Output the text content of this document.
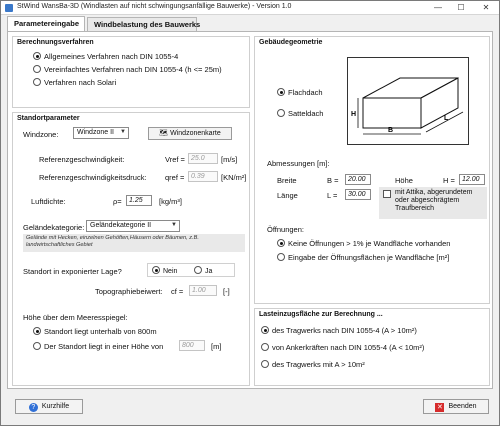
StWind WansBa-3D (Windlasten auf nicht schwingungsanfällige Bauwerke) - Version 1.0	—	☐	✕
Parametereingabe	Windbelastung des Bauwerks
Berechnungsverfahren
Allgemeines Verfahren nach DIN 1055-4
Vereinfachtes Verfahren nach DIN 1055-4 (h <= 25m)
Verfahren nach Solari
Standortparameter
Windzone:	Windzone II ▼	🗺 Windzonenkarte
Referenzgeschwindigkeit:	Vref = 25.0	[m/s]
Referenzgeschwindigkeitsdruck: qref = 0.39	[KN/m²]
Luftdichte:	ρ=	1.25	[kg/m³]
Geländekategorie: Geländekategorie II	▼
Gelände mit Hecken, einzelnen Gehöften,Häusern oder Bäumen, z.B. landwirtschaftliches Gebiet
Standort in exponierter Lage?	Nein	Ja
Topographiebeiwert: cf =	1.00	[-]
Höhe über dem Meeresspiegel:
Standort liegt unterhalb von 800m
Der Standort liegt in einer Höhe von	800	[m]
Gebäudegeometrie
Flachdach
Satteldach	H
B
L
Abmessungen [m]:
Breite	B =	20.00	Höhe	H =	12.00
Länge	L =	30.00	mit Attika, abgerundetem oder abgeschrägtem Traufbereich
Öffnungen:
Keine Öffnungen > 1% je Wandfläche vorhanden
Eingabe der Öffnungsflächen je Wandfläche [m²]
Lasteinzugsfläche zur Berechnung ...
des Tragwerks nach DIN 1055-4 (A > 10m²)
von Ankerkräften nach DIN 1055-4 (A < 10m²)
des Tragwerks mit A > 10m²
? Kurzhilfe	✕ Beenden
